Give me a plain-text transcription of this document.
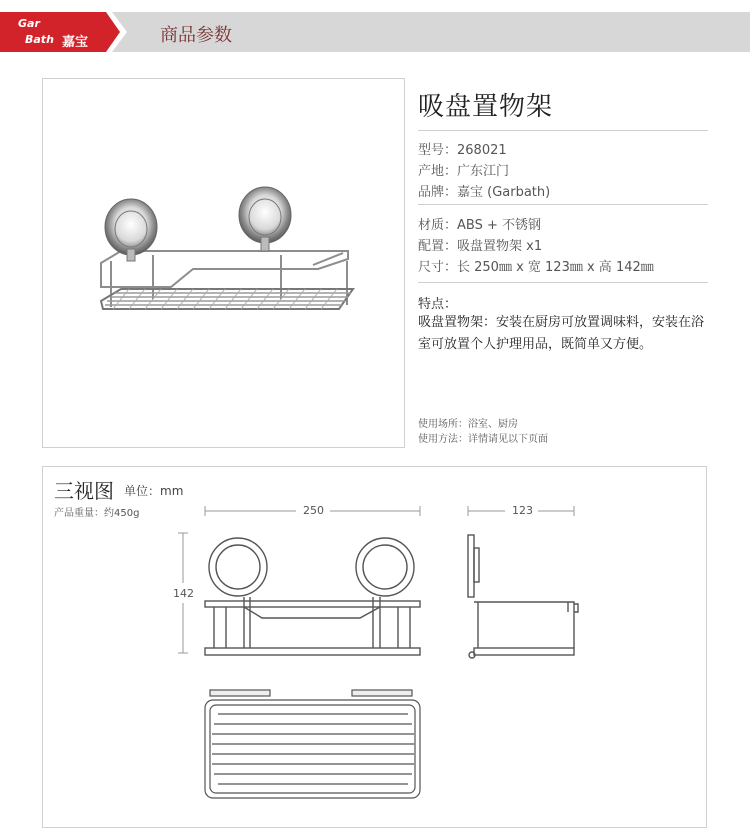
Gar
Bath 嘉宝	商品参数
吸盘置物架
型号：268021
产地：广东江门
品牌：嘉宝 (Garbath)
材质：ABS + 不锈钢
配置：吸盘置物架 x1
尺寸：长 250㎜ x 宽 123㎜ x 高 142㎜
特点：
吸盘置物架：安装在厨房可放置调味料，安装在浴室可放置个人护理用品，既简单又方便。
使用场所：浴室、厨房
使用方法：详情请见以下页面
三视图 单位：mm
产品重量：约450g	250
142
123
